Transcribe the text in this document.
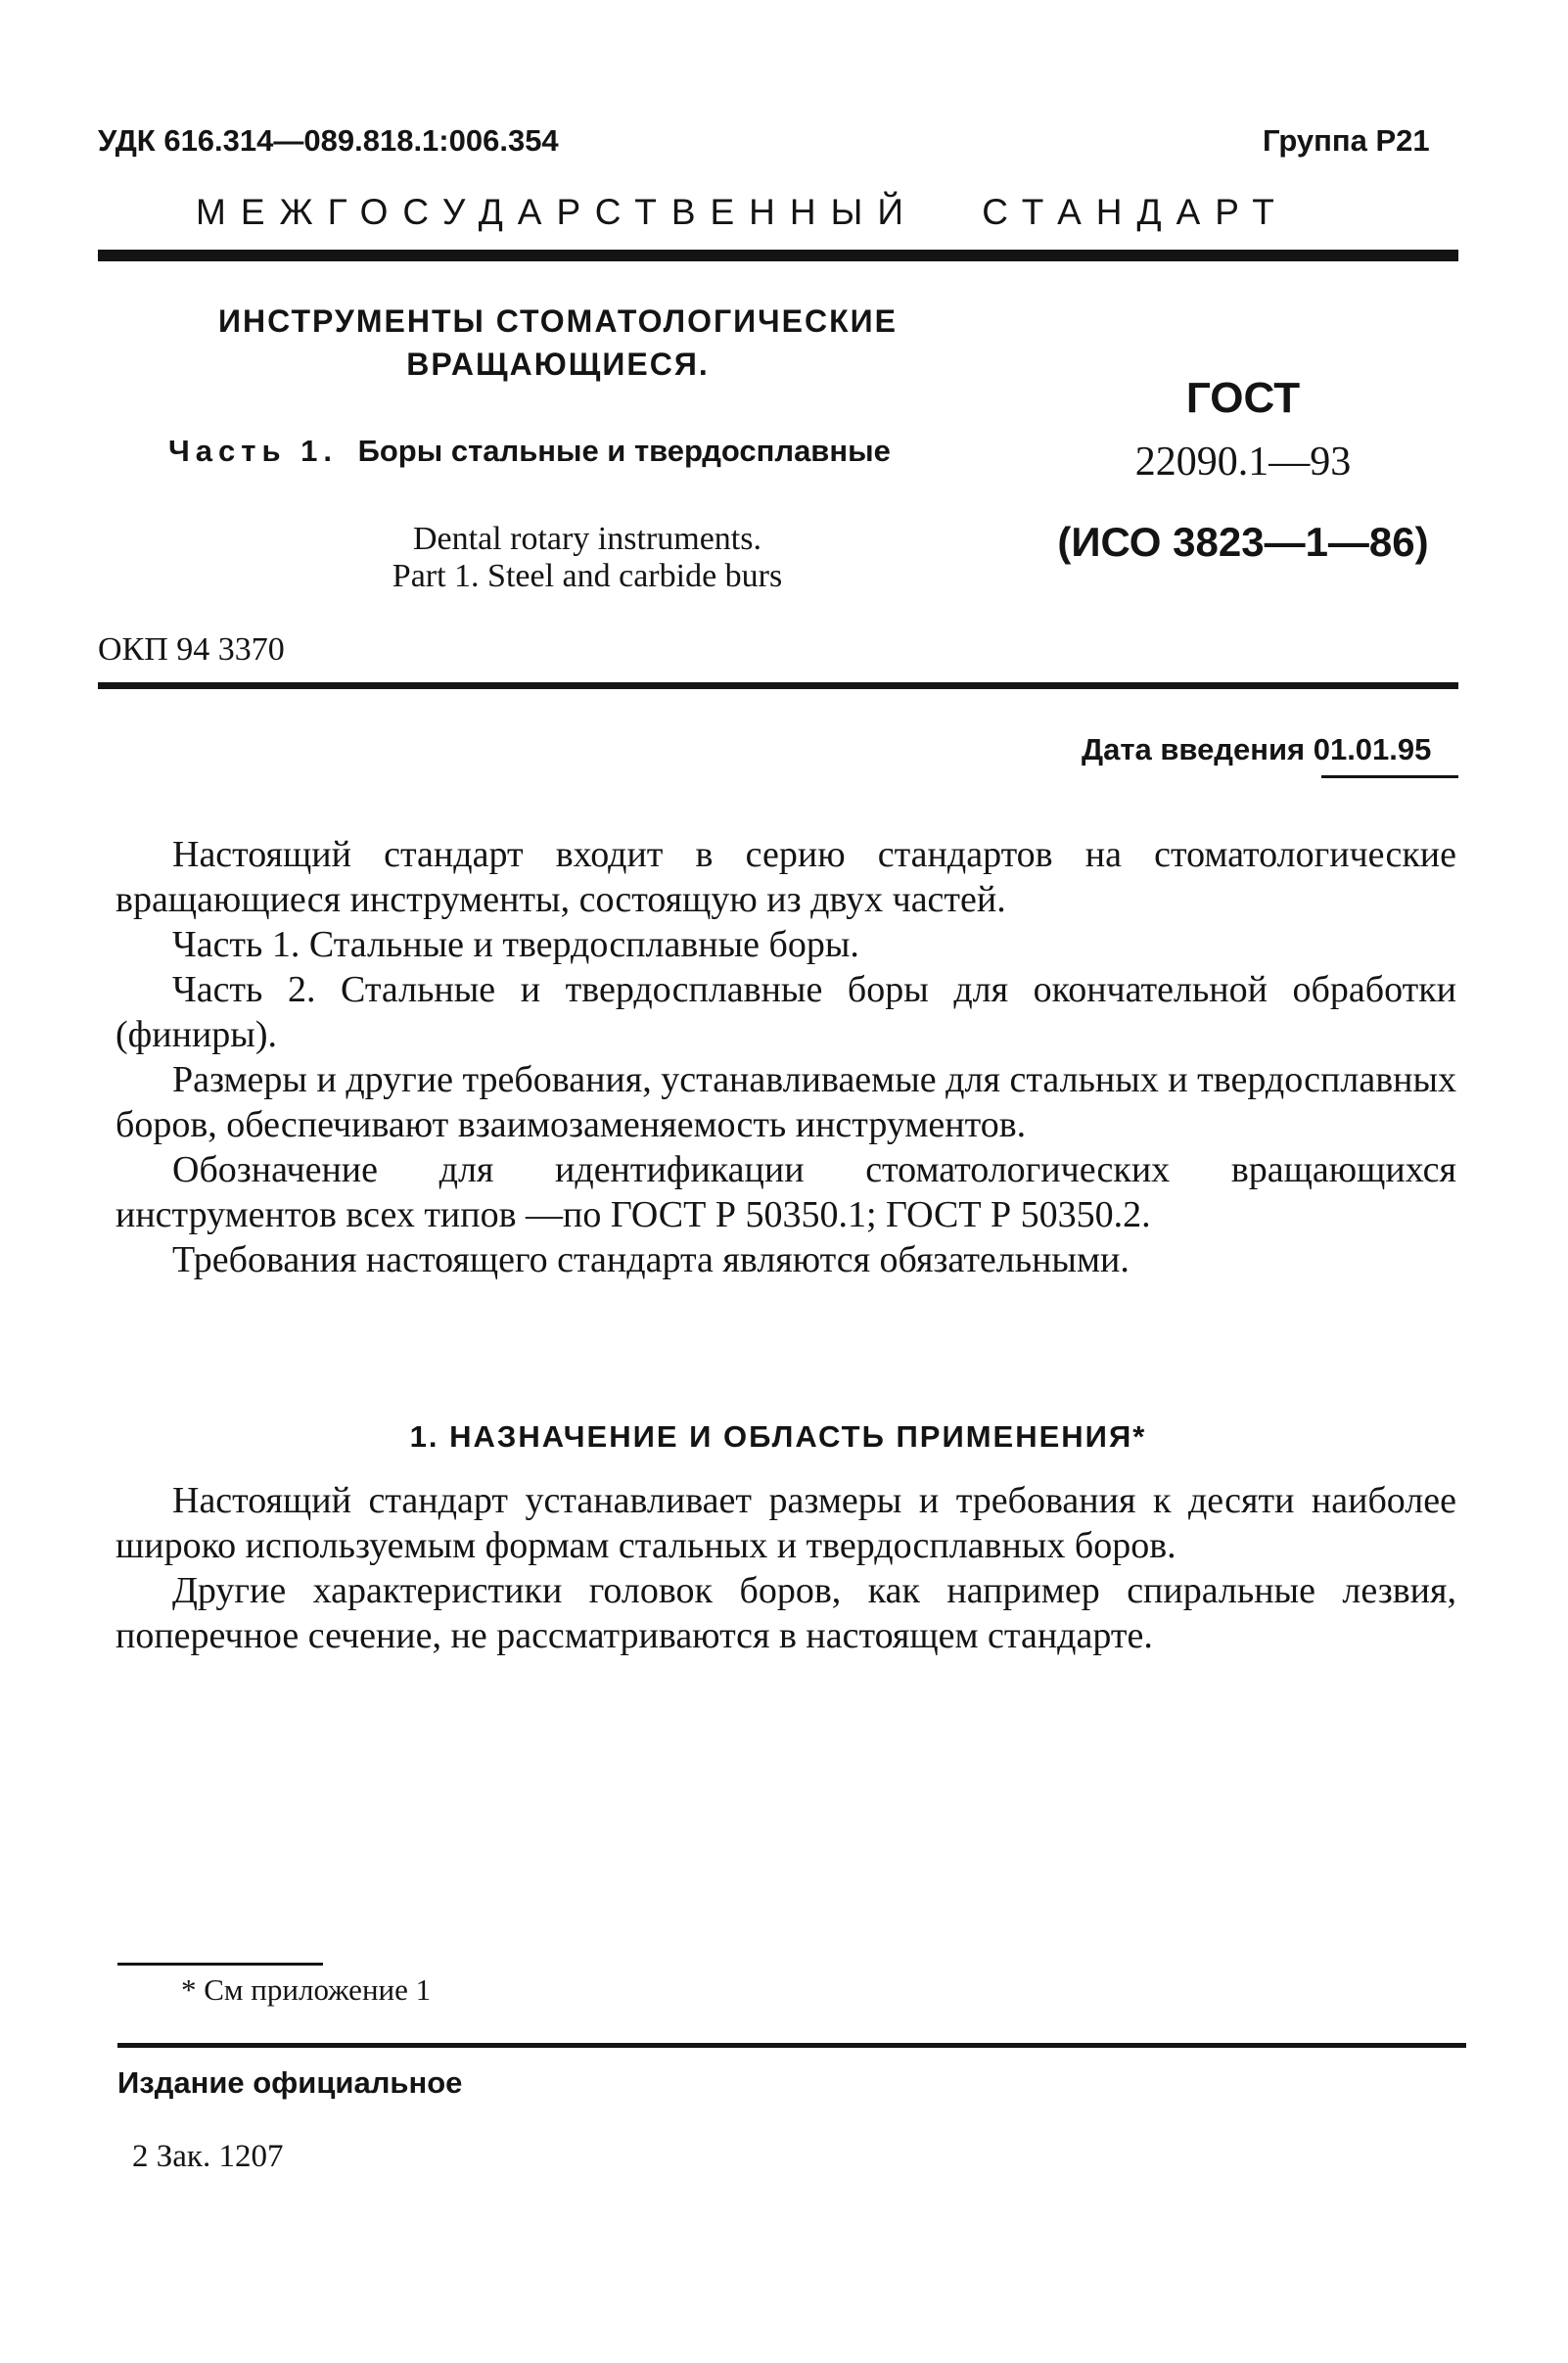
УДК 616.314—089.818.1:006.354	Группа Р21
МЕЖГОСУДАРСТВЕННЫЙ СТАНДАРТ
ИНСТРУМЕНТЫ СТОМАТОЛОГИЧЕСКИЕ
ВРАЩАЮЩИЕСЯ.
Часть 1. Боры стальные и твердосплавные
Dental rotary instruments.
Part 1. Steel and carbide burs
ГОСТ
22090.1—93
(ИСО 3823—1—86)
ОКП 94 3370
Дата введения 01.01.95

Настоящий стандарт входит в серию стандартов на стоматологические вращающиеся инструменты, состоящую из двух частей.

Часть 1. Стальные и твердосплавные боры.

Часть 2. Стальные и твердосплавные боры для окончательной обработки (финиры).

Размеры и другие требования, устанавливаемые для стальных и твердосплавных боров, обеспечивают взаимозаменяемость инструментов.

Обозначение для идентификации стоматологических вращающихся инструментов всех типов —по ГОСТ Р 50350.1; ГОСТ Р 50350.2.

Требования настоящего стандарта являются обязательными.

1. НАЗНАЧЕНИЕ И ОБЛАСТЬ ПРИМЕНЕНИЯ*

Настоящий стандарт устанавливает размеры и требования к десяти наиболее широко используемым формам стальных и твердосплавных боров.

Другие характеристики головок боров, как например спиральные лезвия, поперечное сечение, не рассматриваются в настоящем стандарте.

* См приложение 1
Издание официальное
2 Зак. 1207
